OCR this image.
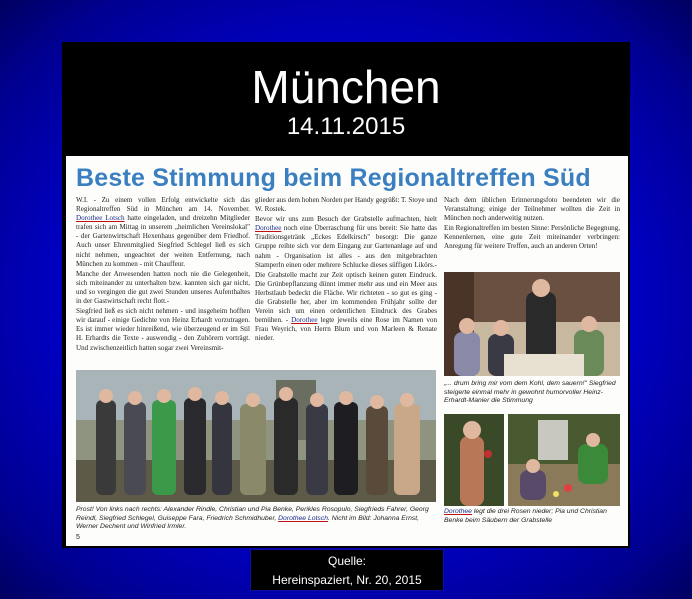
München
14.11.2015
Beste Stimmung beim Regionaltreffen Süd

W.I. - Zu einem vollen Erfolg entwickelte sich das Regionaltreffen Süd in München am 14. November. Dorothee Lotsch hatte eingeladen, und dreizehn Mitglieder trafen sich am Mittag in unserem „heimlichen Vereinslokal" - der Gartenwirtschaft Hexenhaus gegenüber dem Friedhof. Auch unser Ehrenmitglied Siegfried Schlegel ließ es sich nicht nehmen, ungeachtet der weiten Entfernung, nach München zu kommen - mit Chauffeur.

Manche der Anwesenden hatten noch nie die Gelegenheit, sich miteinander zu unterhalten bzw. kannten sich gar nicht, und so vergingen die gut zwei Stunden unseres Aufenthaltes in der Gastwirtschaft recht flott.-

Siegfried ließ es sich nicht nehmen - und insgeheim hofften wir darauf - einige Gedichte von Heinz Erhardt vorzutragen. Es ist immer wieder hinreißend, wie überzeugend er im Stil H. Erhardts die Texte - auswendig - den Zuhörern vorträgt. Und zwischenzeitlich hatten sogar zwei Vereinsmit-

glieder aus dem hohen Norden per Handy gegrüßt: T. Stoye und W. Rostek.

Bevor wir uns zum Besuch der Grabstelle aufmachten, hielt Dorothee noch eine Überraschung für uns bereit: Sie hatte das Traditionsgetränk „Eckes Edelkirsch" besorgt: Die ganze Gruppe reihte sich vor dem Eingang zur Gartenanlage auf und nahm - Organisation ist alles - aus den mitgebrachten Stamperln einen oder mehrere Schlucke dieses süffigen Likörs.-

Die Grabstelle macht zur Zeit optisch keinen guten Eindruck. Die Grünbepflanzung dünnt immer mehr aus und ein Meer aus Herbstlaub bedeckt die Fläche. Wir richteten - so gut es ging - die Grabstelle her, aber im kommenden Frühjahr sollte der Verein sich um einen ordentlichen Eindruck des Grabes bemühen. - Dorothee legte jeweils eine Rose im Namen von Frau Weyrich, von Herrn Blum und von Marleen & Renate nieder.

Nach dem üblichen Erinnerungsfoto beendeten wir die Veranstaltung; einige der Teilnehmer wollten die Zeit in München noch anderweitig nutzen.

Ein Regionaltreffen im besten Sinne: Persönliche Begegnung, Kennenlernen, eine gute Zeit miteinander verbringen: Anregung für weitere Treffen, auch an anderen Orten!

Prost! Von links nach rechts: Alexander Rindle, Christian und Pia Benke, Perikles Rosopulo, Siegfrieds Fahrer, Georg Reindl, Siegfried Schlegel, Guiseppe Fara, Friedrich Schmidhuber, Dorothee Lotsch. Nicht im Bild: Johanna Ernst, Werner Dechent und Winfried Irmler.
„... drum bring mir vom dem Kohl, dem sauern!" Siegfried steigerte einmal mehr in gewohnt humorvoller Heinz-Erhardt-Manier die Stimmung
Dorothee legt die drei Rosen nieder; Pia und Christian Benke beim Säubern der Grabstelle
5
Quelle:
Hereinspaziert, Nr. 20, 2015
